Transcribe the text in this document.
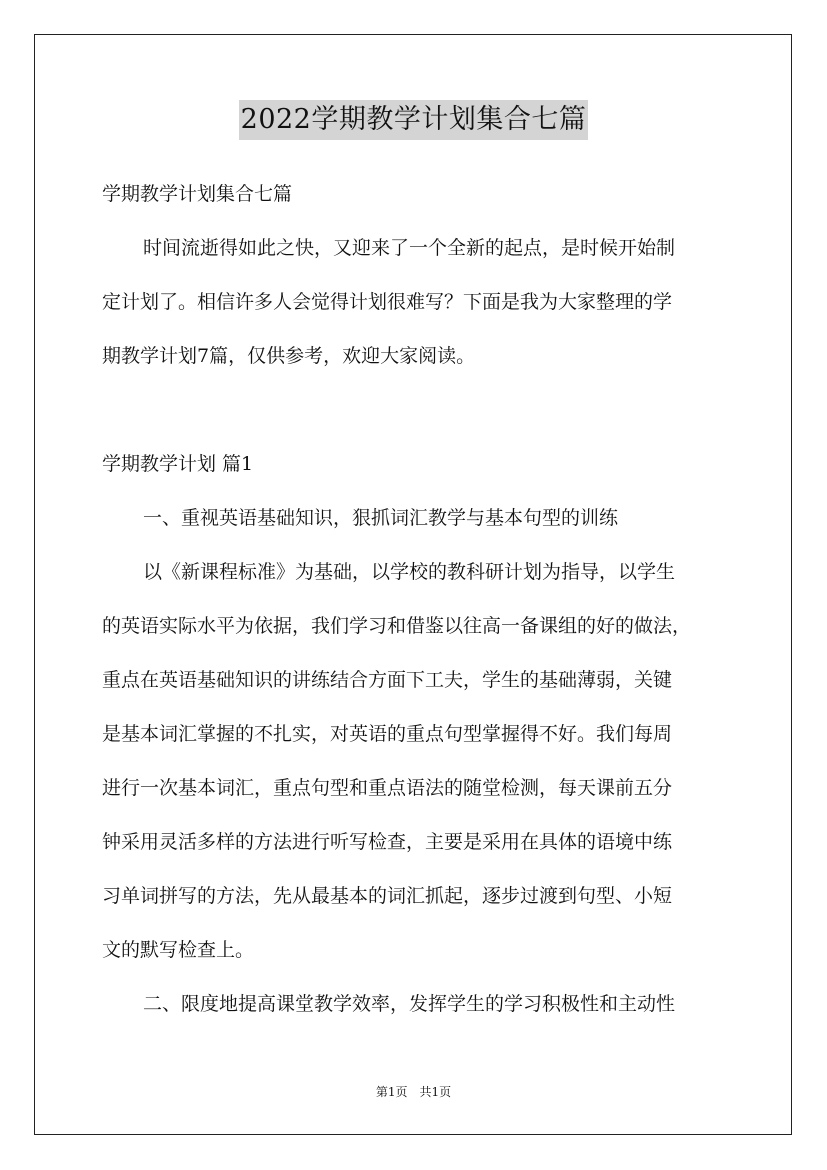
2022学期教学计划集合七篇
学期教学计划集合七篇
时间流逝得如此之快，又迎来了一个全新的起点，是时候开始制
定计划了。相信许多人会觉得计划很难写？下面是我为大家整理的学
期教学计划7篇，仅供参考，欢迎大家阅读。
学期教学计划 篇1
一、重视英语基础知识，狠抓词汇教学与基本句型的训练
以《新课程标准》为基础，以学校的教科研计划为指导，以学生
的英语实际水平为依据，我们学习和借鉴以往高一备课组的好的做法，
重点在英语基础知识的讲练结合方面下工夫，学生的基础薄弱，关键
是基本词汇掌握的不扎实，对英语的重点句型掌握得不好。我们每周
进行一次基本词汇，重点句型和重点语法的随堂检测，每天课前五分
钟采用灵活多样的方法进行听写检查，主要是采用在具体的语境中练
习单词拼写的方法，先从最基本的词汇抓起，逐步过渡到句型、小短
文的默写检查上。
二、限度地提高课堂教学效率，发挥学生的学习积极性和主动性
第1页　共1页
